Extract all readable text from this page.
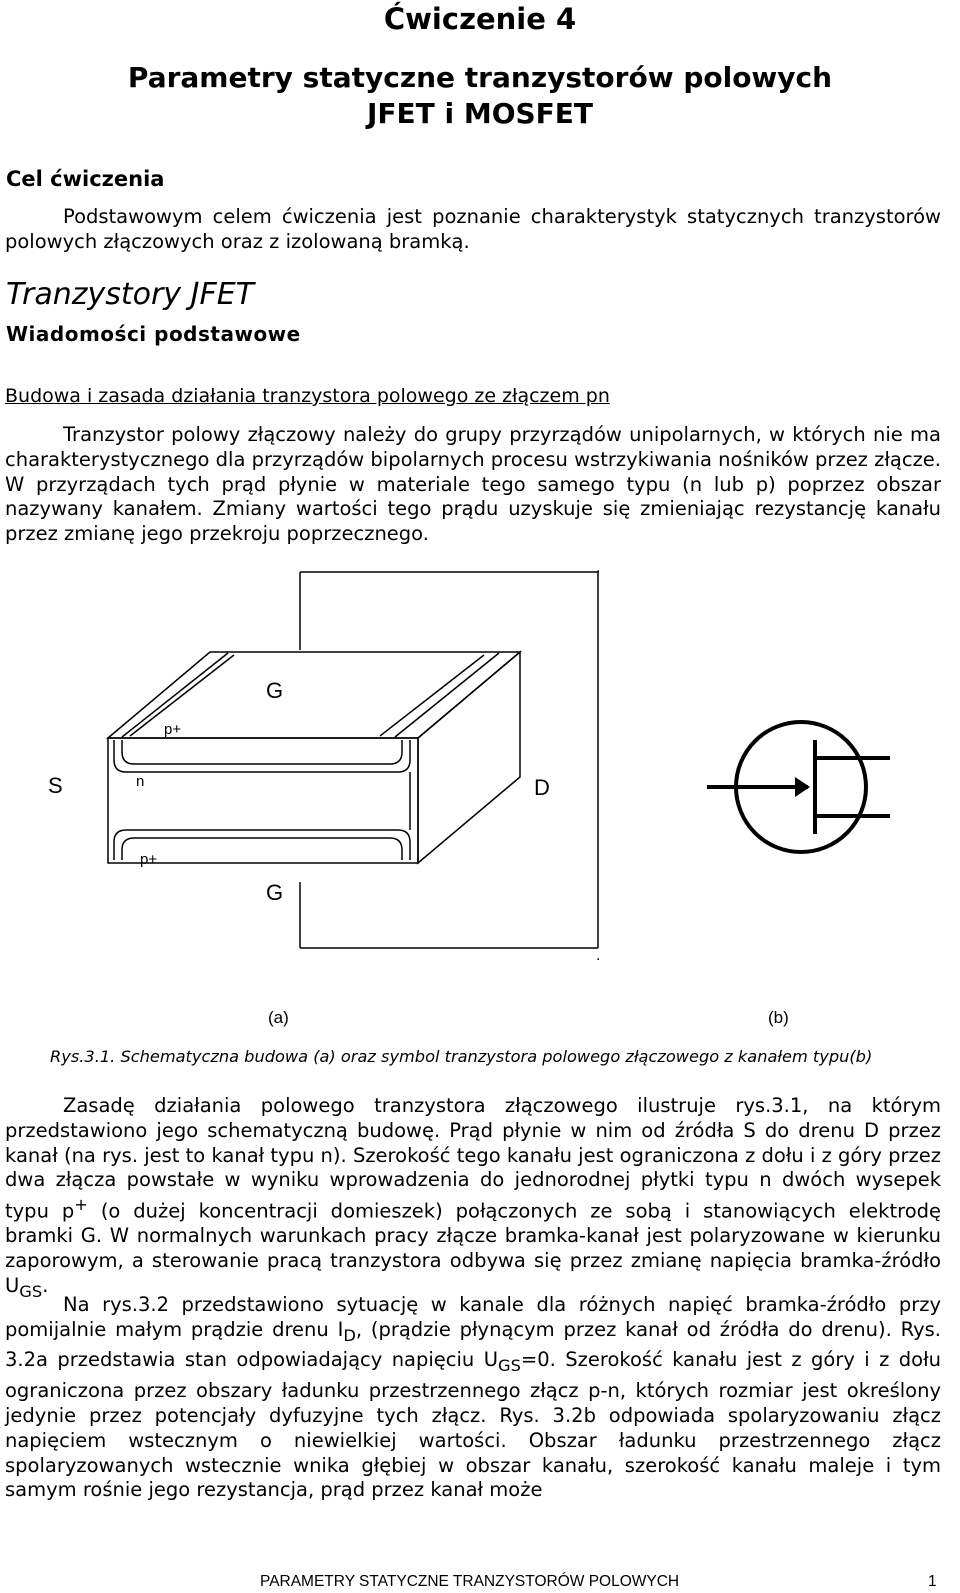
Ćwiczenie 4
Parametry statyczne tranzystorów polowych
JFET i MOSFET
Cel ćwiczenia

Podstawowym celem ćwiczenia jest poznanie charakterystyk statycznych tranzystorów polowych złączowych oraz z izolowaną bramką.

Tranzystory JFET
Wiadomości podstawowe
Budowa i zasada działania tranzystora polowego ze złączem pn

Tranzystor polowy złączowy należy do grupy przyrządów unipolarnych, w których nie ma charakterystycznego dla przyrządów bipolarnych procesu wstrzykiwania nośników przez złącze. W przyrządach tych prąd płynie w materiale tego samego typu (n lub p) poprzez obszar nazywany kanałem. Zmiany wartości tego prądu uzyskuje się zmieniając rezystancję kanału przez zmianę jego przekroju poprzecznego.

G
p+
S	n	D
p+
G
.
.
(a)	(b)
Rys.3.1. Schematyczna budowa (a) oraz symbol tranzystora polowego złączowego z kanałem typu(b)

Zasadę działania polowego tranzystora złączowego ilustruje rys.3.1, na którym przedstawiono jego schematyczną budowę. Prąd płynie w nim od źródła S do drenu D przez kanał (na rys. jest to kanał typu n). Szerokość tego kanału jest ograniczona z dołu i z góry przez dwa złącza powstałe w wyniku wprowadzenia do jednorodnej płytki typu n dwóch wysepek typu p+ (o dużej koncentracji domieszek) połączonych ze sobą i stanowiących elektrodę bramki G. W normalnych warunkach pracy złącze bramka-kanał jest polaryzowane w kierunku zaporowym, a sterowanie pracą tranzystora odbywa się przez zmianę napięcia bramka-źródło $U_{GS}$.

Na rys.3.2 przedstawiono sytuację w kanale dla różnych napięć bramka-źródło przy pomijalnie małym prądzie drenu $I_D$, (prądzie płynącym przez kanał od źródła do drenu). Rys. 3.2a przedstawia stan odpowiadający napięciu $U_{GS}=0$. Szerokość kanału jest z góry i z dołu ograniczona przez obszary ładunku przestrzennego złącz p-n, których rozmiar jest określony jedynie przez potencjały dyfuzyjne tych złącz. Rys. 3.2b odpowiada spolaryzowaniu złącz napięciem wstecznym o niewielkiej wartości. Obszar ładunku przestrzennego złącz spolaryzowanych wstecznie wnika głębiej w obszar kanału, szerokość kanału maleje i tym samym rośnie jego rezystancja, prąd przez kanał może

PARAMETRY STATYCZNE TRANZYSTORÓW POLOWYCH	1
